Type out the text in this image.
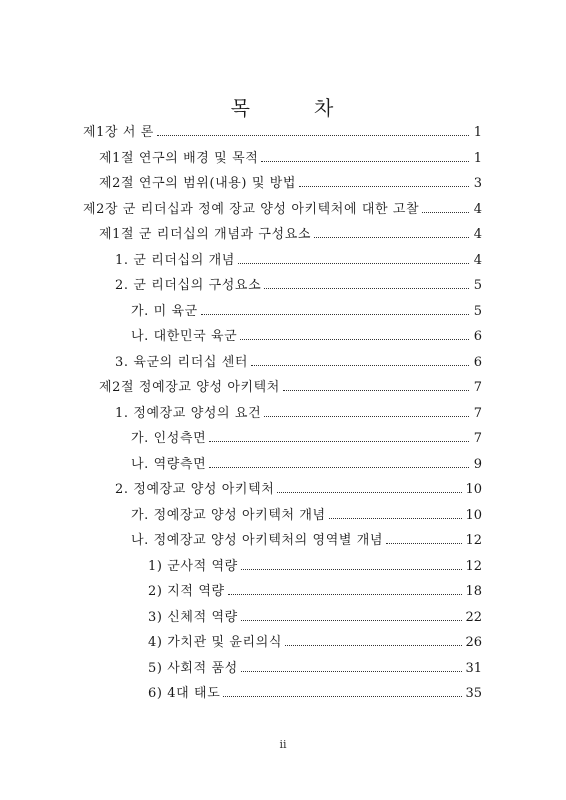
목	차
제1장 서 론	1
제1절 연구의 배경 및 목적	1
제2절 연구의 범위(내용) 및 방법	3
제2장 군 리더십과 정예 장교 양성 아키텍처에 대한 고찰	4
제1절 군 리더십의 개념과 구성요소	4
1. 군 리더십의 개념	4
2. 군 리더십의 구성요소	5
가. 미 육군	5
나. 대한민국 육군	6
3. 육군의 리더십 센터	6
제2절 정예장교 양성 아키텍처	7
1. 정예장교 양성의 요건	7
가. 인성측면	7
나. 역량측면	9
2. 정예장교 양성 아키텍처	10
가. 정예장교 양성 아키텍처 개념	10
나. 정예장교 양성 아키텍처의 영역별 개념	12
1) 군사적 역량	12
2) 지적 역량	18
3) 신체적 역량	22
4) 가치관 및 윤리의식	26
5) 사회적 품성	31
6) 4대 태도	35
ii
